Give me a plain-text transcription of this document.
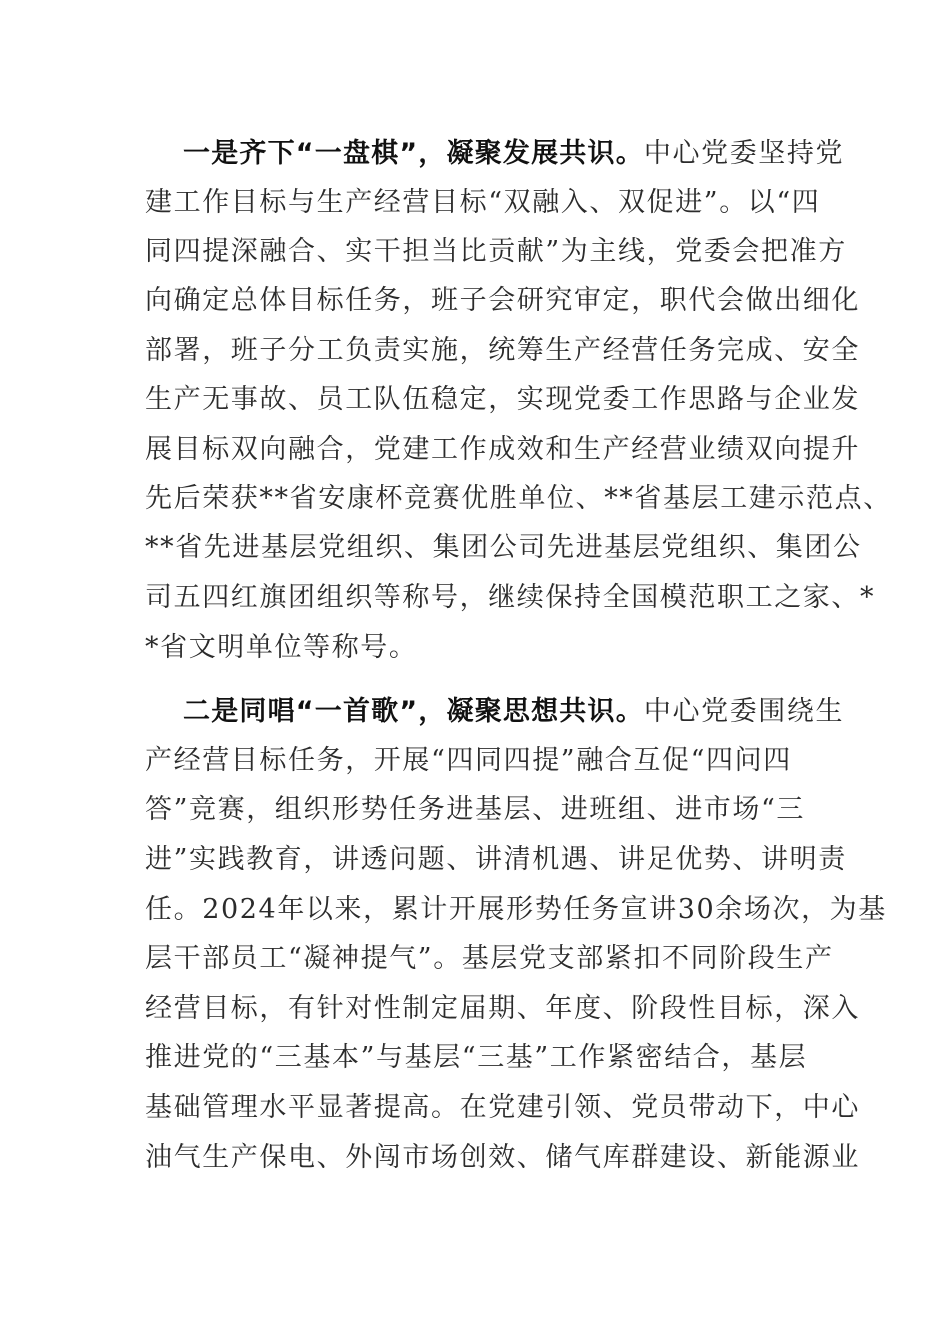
一是齐下“一盘棋”，凝聚发展共识。中心党委坚持党
建工作目标与生产经营目标“双融入、双促进”。以“四
同四提深融合、实干担当比贡献”为主线，党委会把准方
向确定总体目标任务，班子会研究审定，职代会做出细化
部署，班子分工负责实施，统筹生产经营任务完成、安全
生产无事故、员工队伍稳定，实现党委工作思路与企业发
展目标双向融合，党建工作成效和生产经营业绩双向提升
先后荣获**省安康杯竞赛优胜单位、**省基层工建示范点、
**省先进基层党组织、集团公司先进基层党组织、集团公
司五四红旗团组织等称号，继续保持全国模范职工之家、*
*省文明单位等称号。
二是同唱“一首歌”，凝聚思想共识。中心党委围绕生
产经营目标任务，开展“四同四提”融合互促“四问四
答”竞赛，组织形势任务进基层、进班组、进市场“三
进”实践教育，讲透问题、讲清机遇、讲足优势、讲明责
任。2024年以来，累计开展形势任务宣讲30余场次，为基
层干部员工“凝神提气”。基层党支部紧扣不同阶段生产
经营目标，有针对性制定届期、年度、阶段性目标，深入
推进党的“三基本”与基层“三基”工作紧密结合，基层
基础管理水平显著提高。在党建引领、党员带动下，中心
油气生产保电、外闯市场创效、储气库群建设、新能源业
